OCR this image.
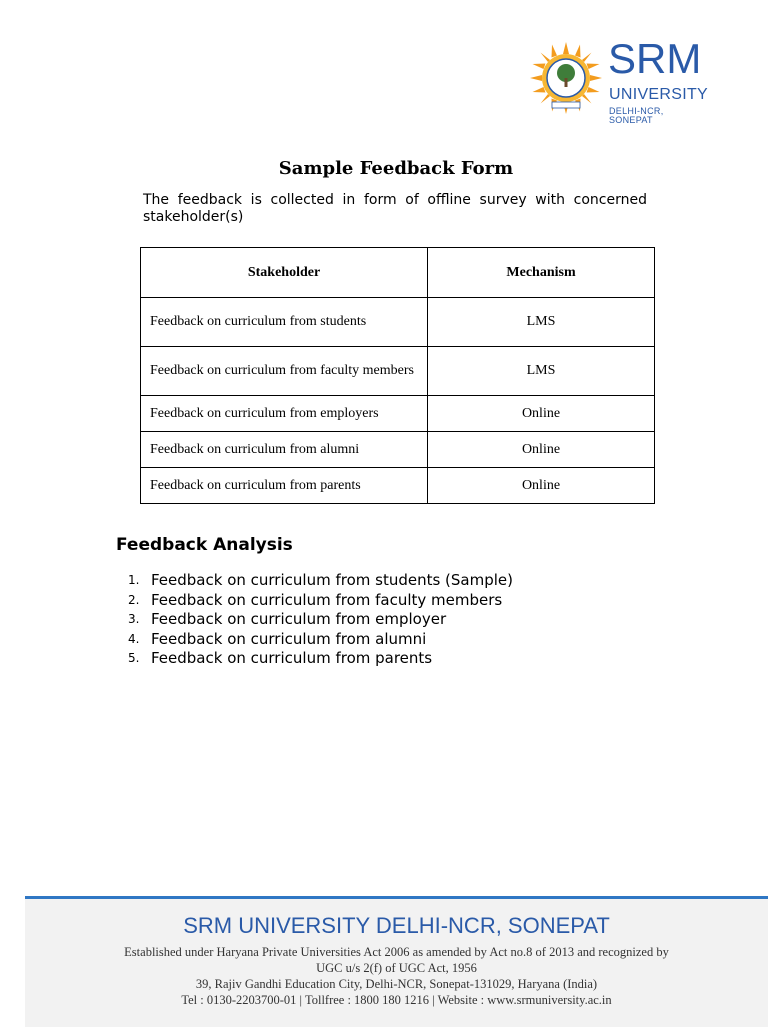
SRM
UNIVERSITY
DELHI-NCR, SONEPAT
Sample Feedback Form
The feedback is collected in form of offline survey with concerned stakeholder(s)
Stakeholder	Mechanism
Feedback on curriculum from students	LMS
Feedback on curriculum from faculty members	LMS
Feedback on curriculum from employers	Online
Feedback on curriculum from alumni	Online
Feedback on curriculum from parents	Online
Feedback Analysis
1. Feedback on curriculum from students (Sample)
2. Feedback on curriculum from faculty members
3. Feedback on curriculum from employer
4. Feedback on curriculum from alumni
5. Feedback on curriculum from parents
SRM UNIVERSITY DELHI-NCR, SONEPAT
Established under Haryana Private Universities Act 2006 as amended by Act no.8 of 2013 and recognized by
UGC u/s 2(f) of UGC Act, 1956
39, Rajiv Gandhi Education City, Delhi-NCR, Sonepat-131029, Haryana (India)
Tel : 0130-2203700-01 | Tollfree : 1800 180 1216 | Website : www.srmuniversity.ac.in
